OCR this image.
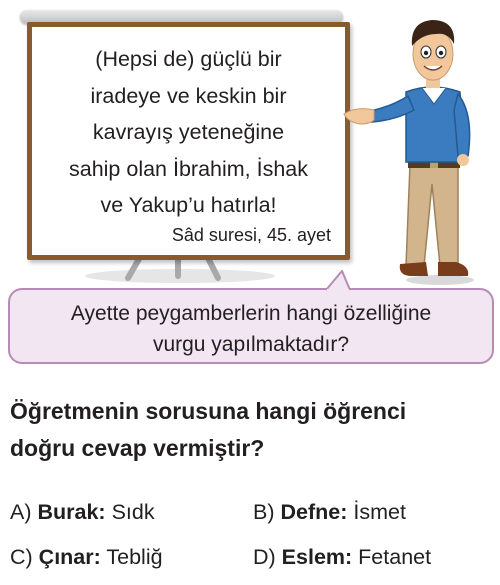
(Hepsi de) güçlü bir
iradeye ve keskin bir
kavrayış yeteneğine
sahip olan İbrahim, İshak
ve Yakup’u hatırla!
Sâd suresi, 45. ayet
Ayette peygamberlerin hangi özelliğine
vurgu yapılmaktadır?
Öğretmenin sorusuna hangi öğrenci
doğru cevap vermiştir?
A) Burak: Sıdk	B) Defne: İsmet
C) Çınar: Tebliğ	D) Eslem: Fetanet
